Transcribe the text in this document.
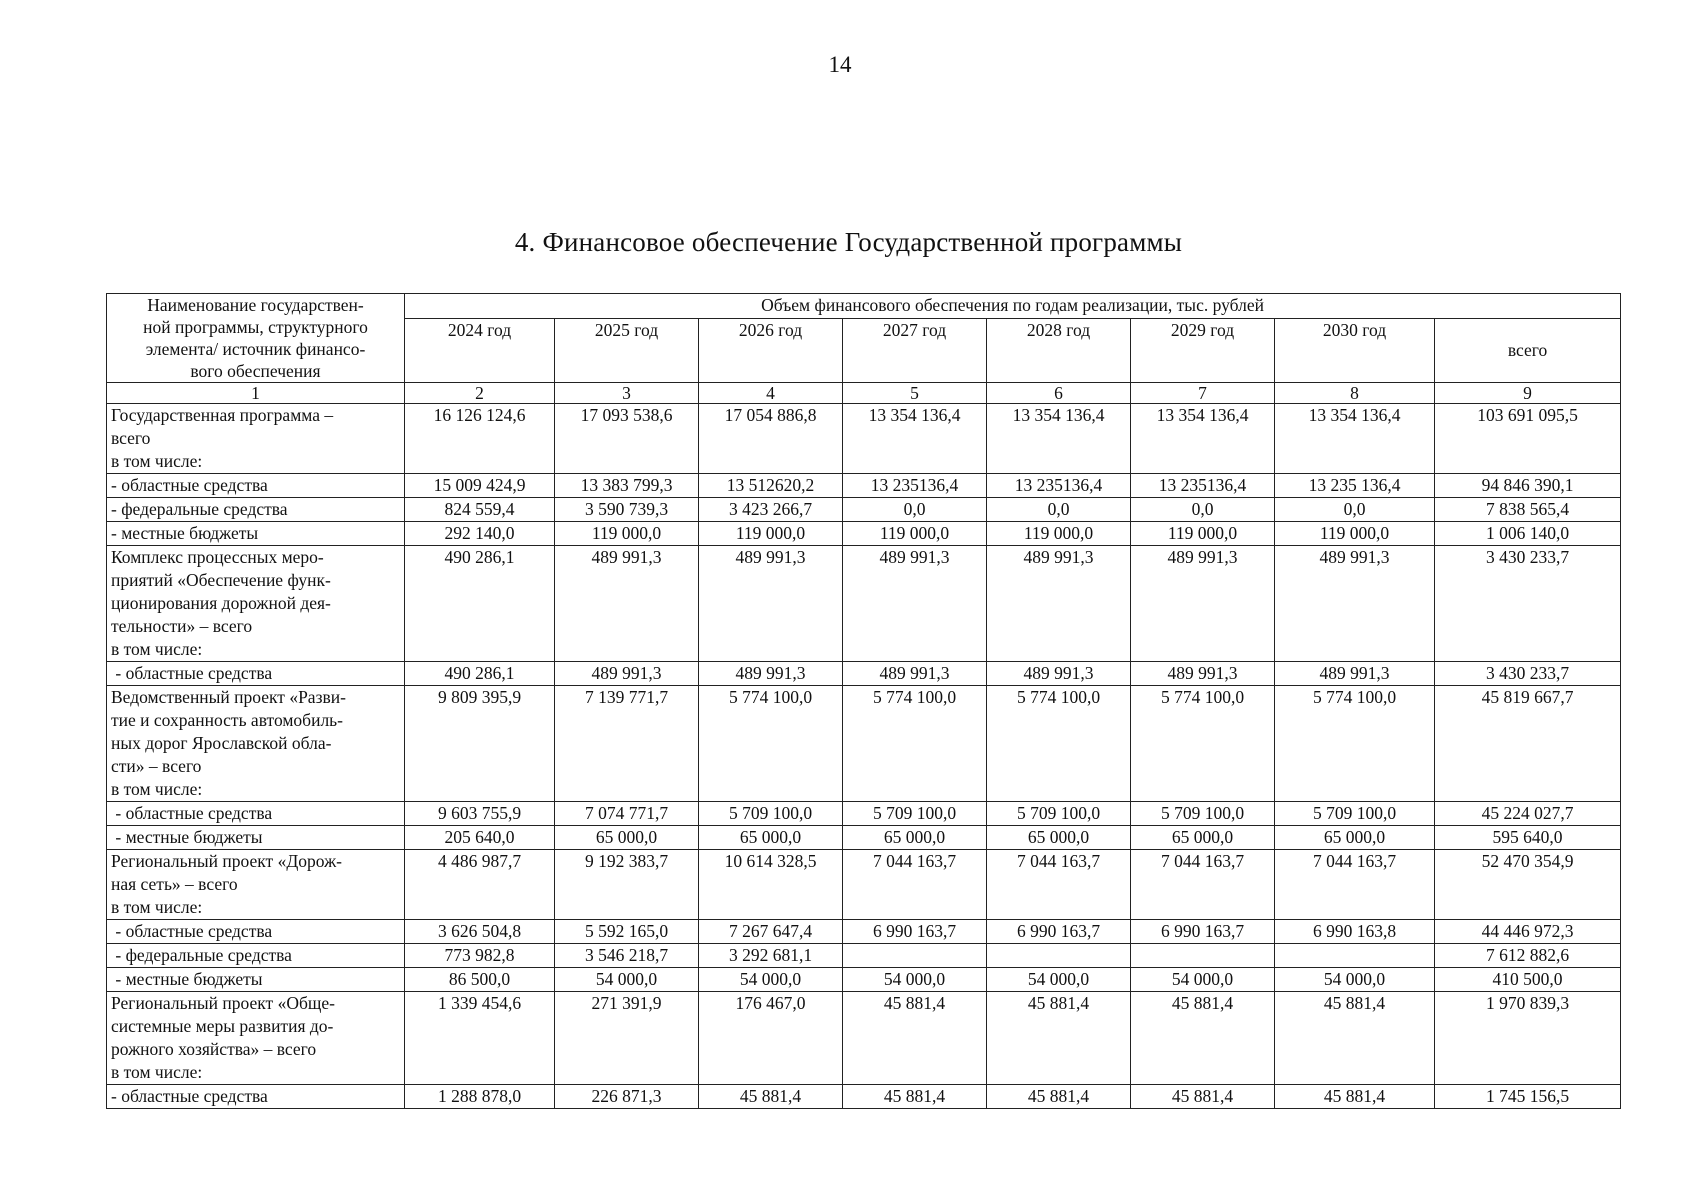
14
4. Финансовое обеспечение Государственной программы
Наименование государствен-
ной программы, структурного
элемента/ источник финансо-
вого обеспечения	Объем финансового обеспечения по годам реализации, тыс. рублей							
	2024 год	2025 год	2026 год	2027 год	2028 год	2029 год	2030 год	всего
1	2	3	4	5	6	7	8	9

Государственная программа –
всего
в том числе:	16 126 124,6	17 093 538,6	17 054 886,8	13 354 136,4	13 354 136,4	13 354 136,4	13 354 136,4	103 691 095,5

- областные средства	15 009 424,9	13 383 799,3	13 512620,2	13 235136,4	13 235136,4	13 235136,4	13 235 136,4	94 846 390,1

- федеральные средства	824 559,4	3 590 739,3	3 423 266,7	0,0	0,0	0,0	0,0	7 838 565,4

- местные бюджеты	292 140,0	119 000,0	119 000,0	119 000,0	119 000,0	119 000,0	119 000,0	1 006 140,0

Комплекс процессных меро-
приятий «Обеспечение функ-
ционирования дорожной дея-
тельности» – всего
в том числе:	490 286,1	489 991,3	489 991,3	489 991,3	489 991,3	489 991,3	489 991,3	3 430 233,7

- областные средства	490 286,1	489 991,3	489 991,3	489 991,3	489 991,3	489 991,3	489 991,3	3 430 233,7

Ведомственный проект «Разви-
тие и сохранность автомобиль-
ных дорог Ярославской обла-
сти» – всего
в том числе:	9 809 395,9	7 139 771,7	5 774 100,0	5 774 100,0	5 774 100,0	5 774 100,0	5 774 100,0	45 819 667,7

- областные средства	9 603 755,9	7 074 771,7	5 709 100,0	5 709 100,0	5 709 100,0	5 709 100,0	5 709 100,0	45 224 027,7

- местные бюджеты	205 640,0	65 000,0	65 000,0	65 000,0	65 000,0	65 000,0	65 000,0	595 640,0

Региональный проект «Дорож-
ная сеть» – всего
в том числе:	4 486 987,7	9 192 383,7	10 614 328,5	7 044 163,7	7 044 163,7	7 044 163,7	7 044 163,7	52 470 354,9

- областные средства	3 626 504,8	5 592 165,0	7 267 647,4	6 990 163,7	6 990 163,7	6 990 163,7	6 990 163,8	44 446 972,3

- федеральные средства	773 982,8	3 546 218,7	3 292 681,1					7 612 882,6

- местные бюджеты	86 500,0	54 000,0	54 000,0	54 000,0	54 000,0	54 000,0	54 000,0	410 500,0

Региональный проект «Обще-
системные меры развития до-
рожного хозяйства» – всего
в том числе:	1 339 454,6	271 391,9	176 467,0	45 881,4	45 881,4	45 881,4	45 881,4	1 970 839,3

- областные средства	1 288 878,0	226 871,3	45 881,4	45 881,4	45 881,4	45 881,4	45 881,4	1 745 156,5
